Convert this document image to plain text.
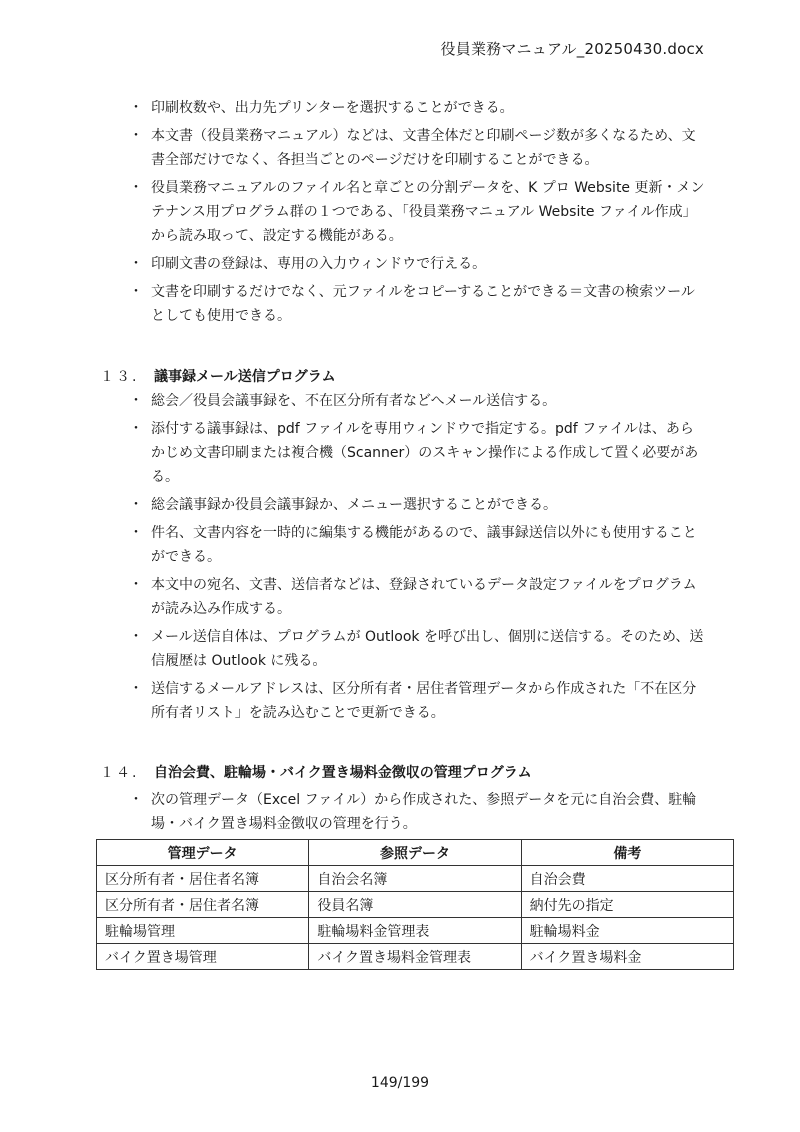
役員業務マニュアル_20250430.docx
・ 印刷枚数や、出力先プリンターを選択することができる。
・ 本文書（役員業務マニュアル）などは、文書全体だと印刷ページ数が多くなるため、文書全部だけでなく、各担当ごとのページだけを印刷することができる。
・ 役員業務マニュアルのファイル名と章ごとの分割データを、K プロ Website 更新・メンテナンス用プログラム群の１つである、「役員業務マニュアル Website ファイル作成」から読み取って、設定する機能がある。
・ 印刷文書の登録は、専用の入力ウィンドウで行える。
・ 文書を印刷するだけでなく、元ファイルをコピーすることができる＝文書の検索ツールとしても使用できる。
１３. 議事録メール送信プログラム
・ 総会／役員会議事録を、不在区分所有者などへメール送信する。
・ 添付する議事録は、pdf ファイルを専用ウィンドウで指定する。pdf ファイルは、あらかじめ文書印刷または複合機（Scanner）のスキャン操作による作成して置く必要がある。
・ 総会議事録か役員会議事録か、メニュー選択することができる。
・ 件名、文書内容を一時的に編集する機能があるので、議事録送信以外にも使用することができる。
・ 本文中の宛名、文書、送信者などは、登録されているデータ設定ファイルをプログラムが読み込み作成する。
・ メール送信自体は、プログラムが Outlook を呼び出し、個別に送信する。そのため、送信履歴は Outlook に残る。
・ 送信するメールアドレスは、区分所有者・居住者管理データから作成された「不在区分所有者リスト」を読み込むことで更新できる。
１４. 自治会費、駐輪場・バイク置き場料金徴収の管理プログラム
・ 次の管理データ（Excel ファイル）から作成された、参照データを元に自治会費、駐輪場・バイク置き場料金徴収の管理を行う。
管理データ	参照データ	備考
区分所有者・居住者名簿	自治会名簿	自治会費
区分所有者・居住者名簿	役員名簿	納付先の指定
駐輪場管理	駐輪場料金管理表	駐輪場料金
バイク置き場管理	バイク置き場料金管理表	バイク置き場料金
149/199
